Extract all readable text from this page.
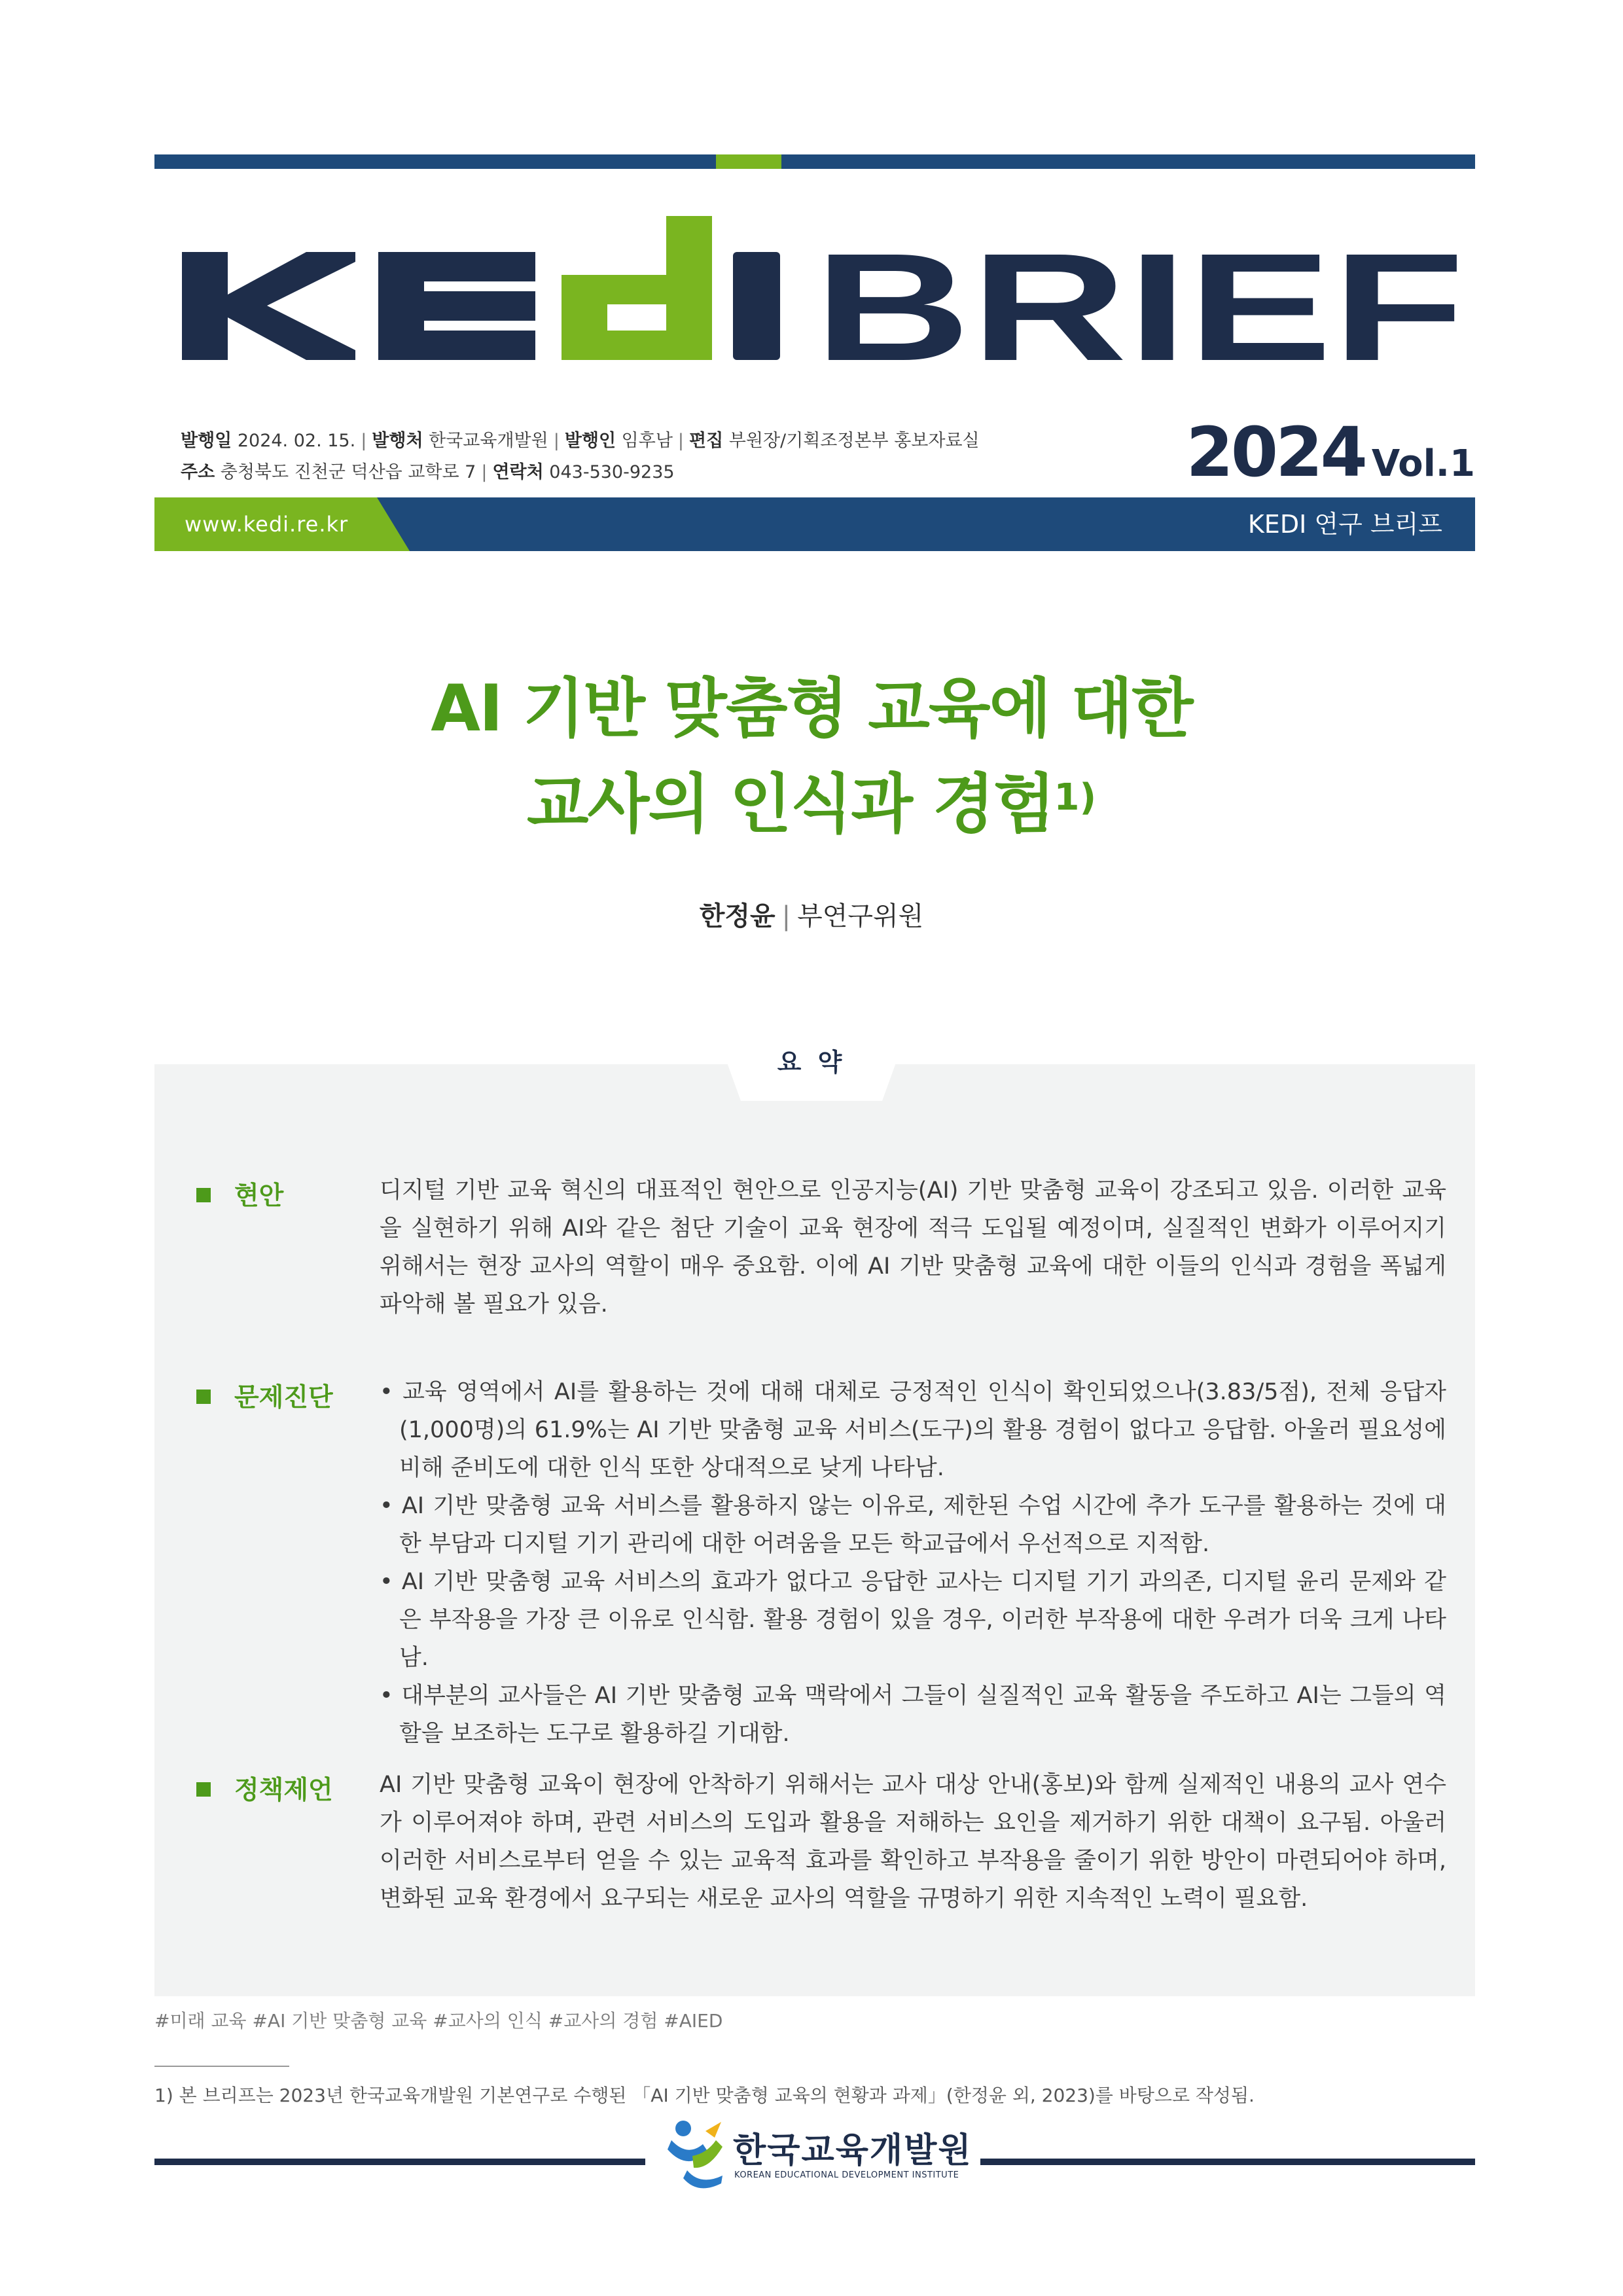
BRIEF
발행일 2024. 02. 15. | 발행처 한국교육개발원 | 발행인 임후남 | 편집 부원장/기획조정본부 홍보자료실
주소 충청북도 진천군 덕산읍 교학로 7 | 연락처 043-530-9235	2024 Vol.1
www.kedi.re.kr	KEDI 연구 브리프
AI 기반 맞춤형 교육에 대한
교사의 인식과 경험$^{1)}$
한정윤 | 부연구위원
요 약
현안	디지털 기반 교육 혁신의 대표적인 현안으로 인공지능(AI) 기반 맞춤형 교육이 강조되고 있음. 이러한 교육을 실현하기 위해 AI와 같은 첨단 기술이 교육 현장에 적극 도입될 예정이며, 실질적인 변화가 이루어지기 위해서는 현장 교사의 역할이 매우 중요함. 이에 AI 기반 맞춤형 교육에 대한 이들의 인식과 경험을 폭넓게 파악해 볼 필요가 있음.

문제진단 • 교육 영역에서 AI를 활용하는 것에 대해 대체로 긍정적인 인식이 확인되었으나(3.83/5점), 전체 응답자(1,000명)의 61.9%는 AI 기반 맞춤형 교육 서비스(도구)의 활용 경험이 없다고 응답함. 아울러 필요성에 비해 준비도에 대한 인식 또한 상대적으로 낮게 나타남.

• AI 기반 맞춤형 교육 서비스를 활용하지 않는 이유로, 제한된 수업 시간에 추가 도구를 활용하는 것에 대한 부담과 디지털 기기 관리에 대한 어려움을 모든 학교급에서 우선적으로 지적함.

• AI 기반 맞춤형 교육 서비스의 효과가 없다고 응답한 교사는 디지털 기기 과의존, 디지털 윤리 문제와 같은 부작용을 가장 큰 이유로 인식함. 활용 경험이 있을 경우, 이러한 부작용에 대한 우려가 더욱 크게 나타남.

• 대부분의 교사들은 AI 기반 맞춤형 교육 맥락에서 그들이 실질적인 교육 활동을 주도하고 AI는 그들의 역할을 보조하는 도구로 활용하길 기대함.

정책제언 AI 기반 맞춤형 교육이 현장에 안착하기 위해서는 교사 대상 안내(홍보)와 함께 실제적인 내용의 교사 연수가 이루어져야 하며, 관련 서비스의 도입과 활용을 저해하는 요인을 제거하기 위한 대책이 요구됨. 아울러 이러한 서비스로부터 얻을 수 있는 교육적 효과를 확인하고 부작용을 줄이기 위한 방안이 마련되어야 하며, 변화된 교육 환경에서 요구되는 새로운 교사의 역할을 규명하기 위한 지속적인 노력이 필요함.

#미래 교육 #AI 기반 맞춤형 교육 #교사의 인식 #교사의 경험 #AIED
1) 본 브리프는 2023년 한국교육개발원 기본연구로 수행된 「AI 기반 맞춤형 교육의 현황과 과제」(한정윤 외, 2023)를 바탕으로 작성됨.
한국교육개발원
KOREAN EDUCATIONAL DEVELOPMENT INSTITUTE
